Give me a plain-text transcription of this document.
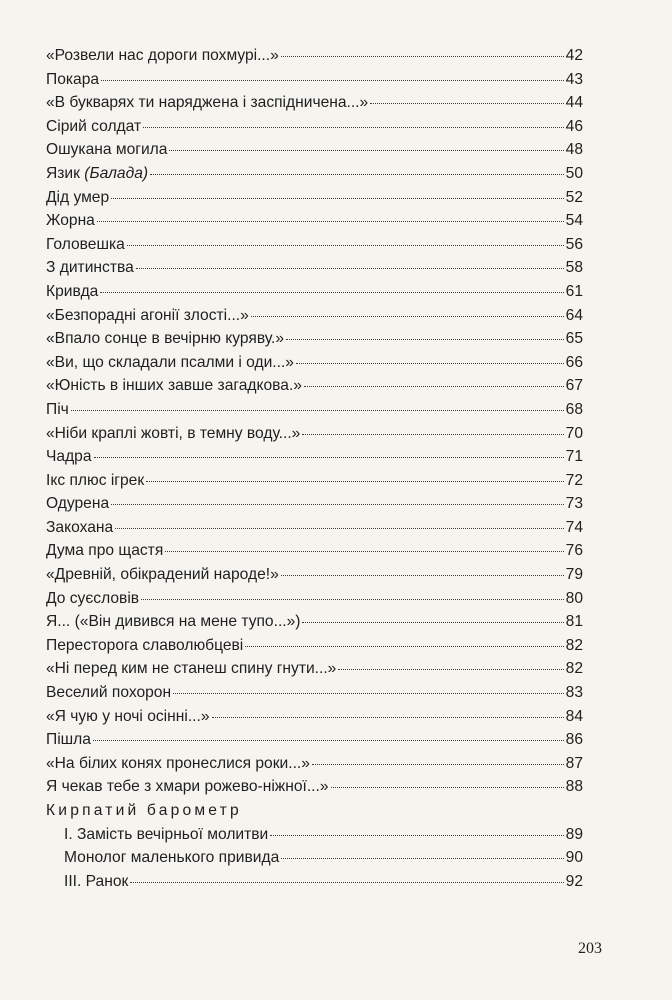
«Розвели нас дороги похмурі...»	42
Покара	43
«В букварях ти наряджена і заспідничена...»	44
Сірий солдат	46
Ошукана могила	48
Язик (Балада)	50
Дід умер	52
Жорна	54
Головешка	56
З дитинства	58
Кривда	61
«Безпорадні агонії злості...»	64
«Впало сонце в вечірню куряву.»	65
«Ви, що складали псалми і оди...»	66
«Юність в інших завше загадкова.»	67
Піч	68
«Ніби краплі жовті, в темну воду...»	70
Чадра	71
Ікс плюс ігрек	72
Одурена	73
Закохана	74
Дума про щастя	76
«Древній, обікрадений народе!»	79
До суєсловів	80
Я... («Він дивився на мене тупо...»)	81
Пересторога славолюбцеві	82
«Ні перед ким не станеш спину гнути...»	82
Веселий похорон	83
«Я чую у ночі осінні...»	84
Пішла	86
«На білих конях пронеслися роки...»	87
Я чекав тебе з хмари рожево-ніжної...»	88
Кирпатий барометр
І. Замість вечірньої молитви	89
Монолог маленького привида	90
ІІІ. Ранок	92
203
